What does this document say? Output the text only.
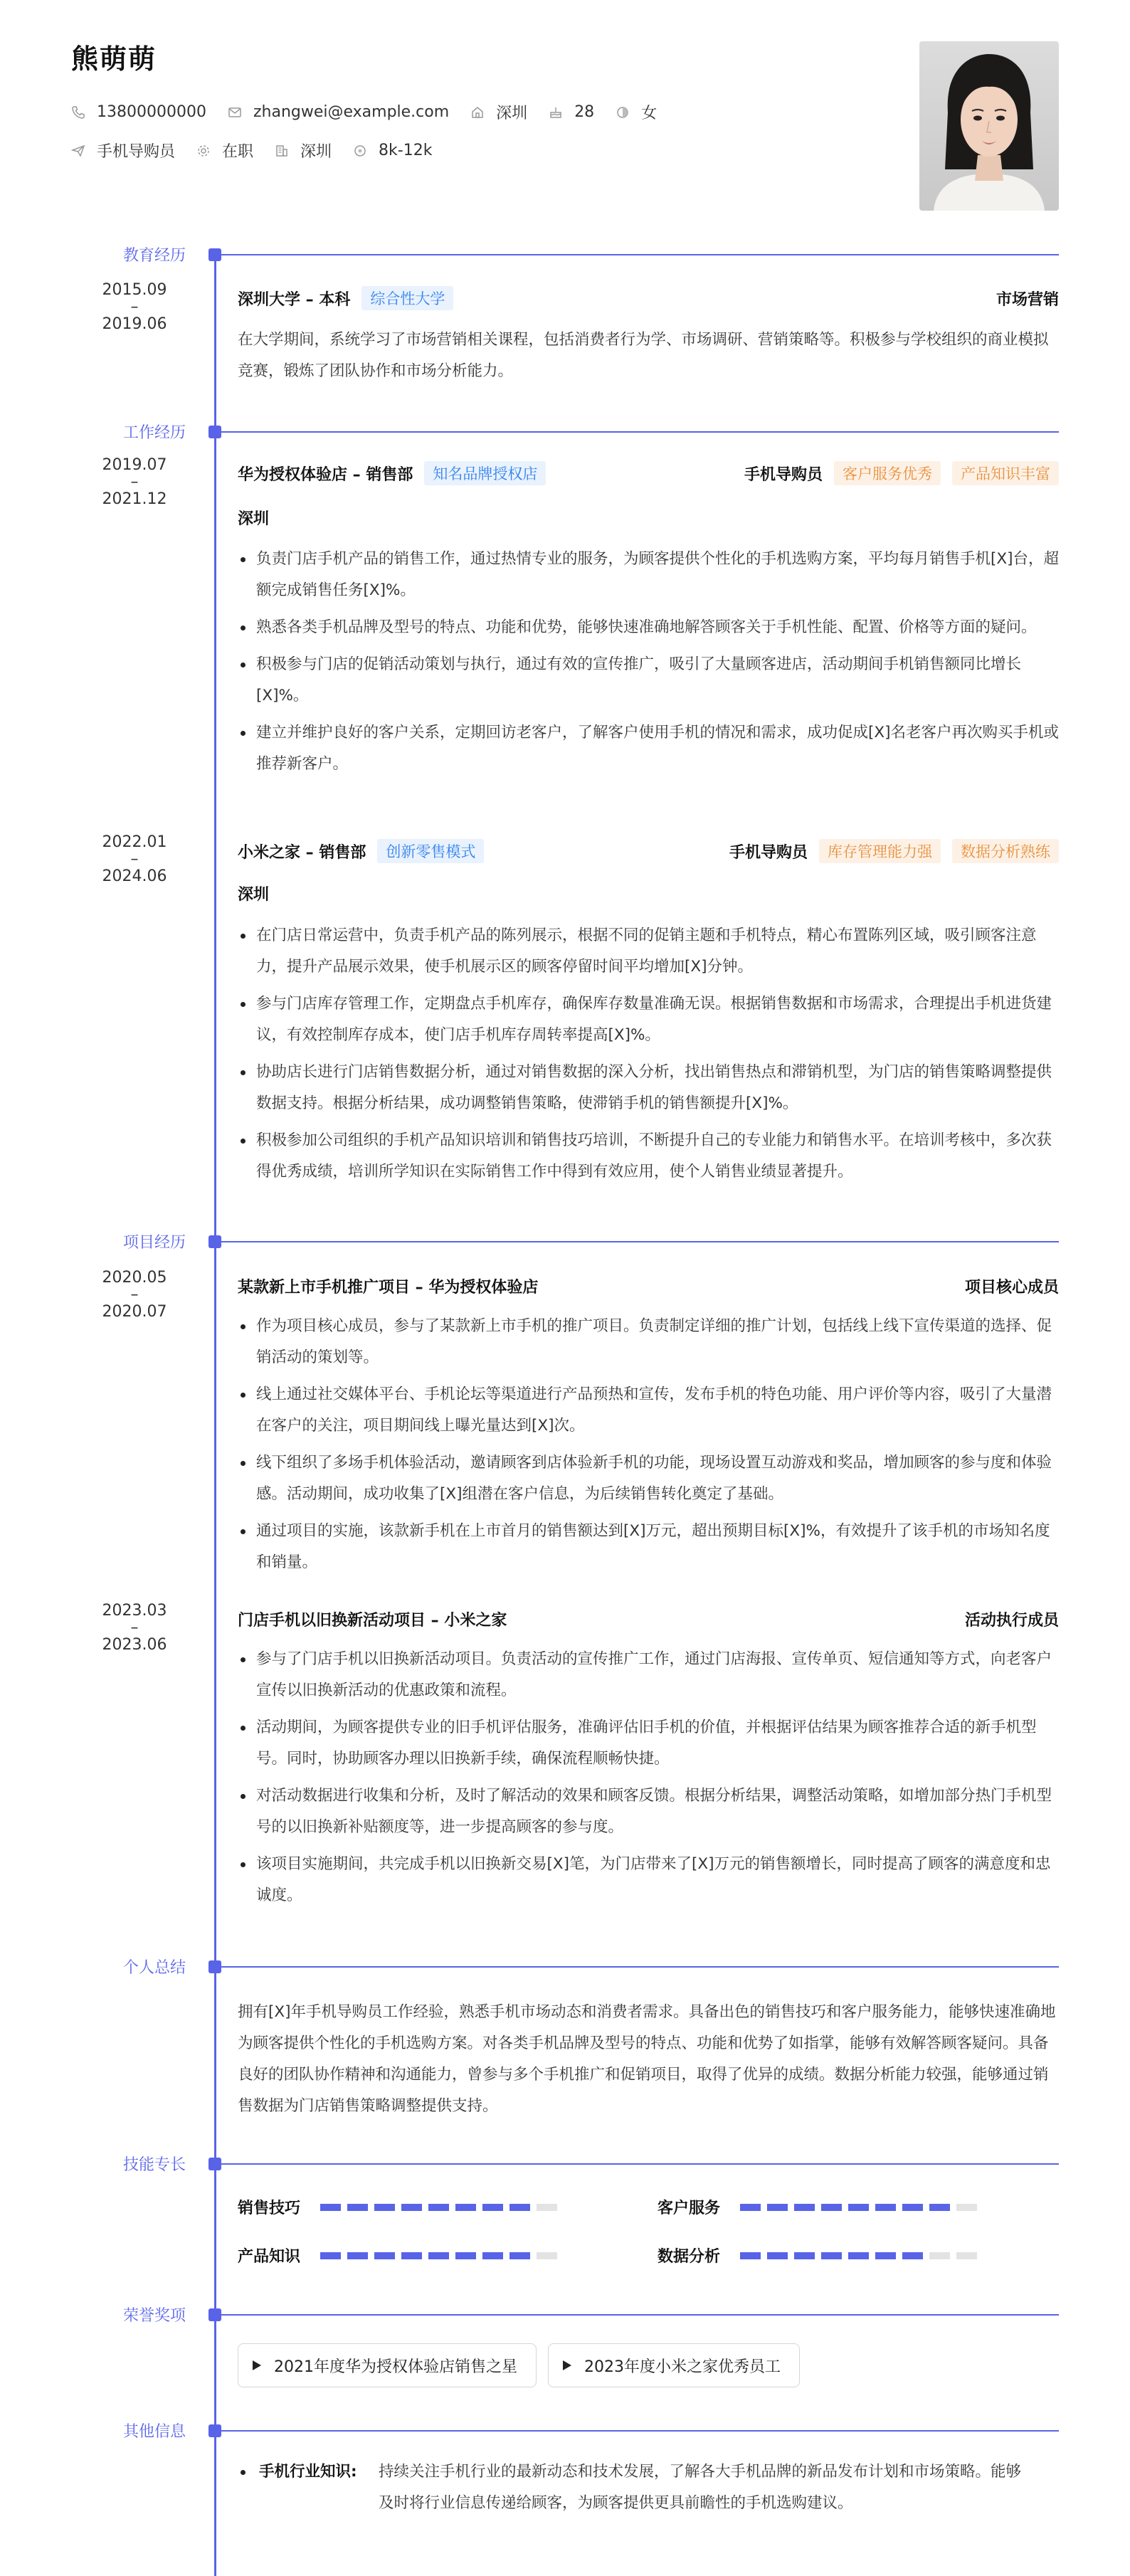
熊萌萌
13800000000	zhangwei@example.com	深圳	28	女
手机导购员	在职	深圳	8k-12k
教育经历
2015.09
–
2019.06
深圳大学 – 本科	综合性大学	市场营销
在大学期间，系统学习了市场营销相关课程，包括消费者行为学、市场调研、营销策略等。积极参与学校组织的商业模拟竞赛，锻炼了团队协作和市场分析能力。
工作经历
2019.07
–
2021.12
华为授权体验店 – 销售部	知名品牌授权店	手机导购员	客户服务优秀	产品知识丰富
深圳
负责门店手机产品的销售工作，通过热情专业的服务，为顾客提供个性化的手机选购方案，平均每月销售手机[X]台，超额完成销售任务[X]%。
熟悉各类手机品牌及型号的特点、功能和优势，能够快速准确地解答顾客关于手机性能、配置、价格等方面的疑问。
积极参与门店的促销活动策划与执行，通过有效的宣传推广，吸引了大量顾客进店，活动期间手机销售额同比增长[X]%。
建立并维护良好的客户关系，定期回访老客户，了解客户使用手机的情况和需求，成功促成[X]名老客户再次购买手机或推荐新客户。
2022.01
–
2024.06
小米之家 – 销售部	创新零售模式	手机导购员	库存管理能力强	数据分析熟练
深圳
在门店日常运营中，负责手机产品的陈列展示，根据不同的促销主题和手机特点，精心布置陈列区域，吸引顾客注意力，提升产品展示效果，使手机展示区的顾客停留时间平均增加[X]分钟。
参与门店库存管理工作，定期盘点手机库存，确保库存数量准确无误。根据销售数据和市场需求，合理提出手机进货建议，有效控制库存成本，使门店手机库存周转率提高[X]%。
协助店长进行门店销售数据分析，通过对销售数据的深入分析，找出销售热点和滞销机型，为门店的销售策略调整提供数据支持。根据分析结果，成功调整销售策略，使滞销手机的销售额提升[X]%。
积极参加公司组织的手机产品知识培训和销售技巧培训，不断提升自己的专业能力和销售水平。在培训考核中，多次获得优秀成绩，培训所学知识在实际销售工作中得到有效应用，使个人销售业绩显著提升。
项目经历
2020.05
–
2020.07
某款新上市手机推广项目 – 华为授权体验店	项目核心成员
作为项目核心成员，参与了某款新上市手机的推广项目。负责制定详细的推广计划，包括线上线下宣传渠道的选择、促销活动的策划等。
线上通过社交媒体平台、手机论坛等渠道进行产品预热和宣传，发布手机的特色功能、用户评价等内容，吸引了大量潜在客户的关注，项目期间线上曝光量达到[X]次。
线下组织了多场手机体验活动，邀请顾客到店体验新手机的功能，现场设置互动游戏和奖品，增加顾客的参与度和体验感。活动期间，成功收集了[X]组潜在客户信息，为后续销售转化奠定了基础。
通过项目的实施，该款新手机在上市首月的销售额达到[X]万元，超出预期目标[X]%，有效提升了该手机的市场知名度和销量。
2023.03
–
2023.06
门店手机以旧换新活动项目 – 小米之家	活动执行成员
参与了门店手机以旧换新活动项目。负责活动的宣传推广工作，通过门店海报、宣传单页、短信通知等方式，向老客户宣传以旧换新活动的优惠政策和流程。
活动期间，为顾客提供专业的旧手机评估服务，准确评估旧手机的价值，并根据评估结果为顾客推荐合适的新手机型号。同时，协助顾客办理以旧换新手续，确保流程顺畅快捷。
对活动数据进行收集和分析，及时了解活动的效果和顾客反馈。根据分析结果，调整活动策略，如增加部分热门手机型号的以旧换新补贴额度等，进一步提高顾客的参与度。
该项目实施期间，共完成手机以旧换新交易[X]笔，为门店带来了[X]万元的销售额增长，同时提高了顾客的满意度和忠诚度。
个人总结
拥有[X]年手机导购员工作经验，熟悉手机市场动态和消费者需求。具备出色的销售技巧和客户服务能力，能够快速准确地为顾客提供个性化的手机选购方案。对各类手机品牌及型号的特点、功能和优势了如指掌，能够有效解答顾客疑问。具备良好的团队协作精神和沟通能力，曾参与多个手机推广和促销项目，取得了优异的成绩。数据分析能力较强，能够通过销售数据为门店销售策略调整提供支持。
技能专长
销售技巧	客户服务
产品知识	数据分析
荣誉奖项
2021年度华为授权体验店销售之星	2023年度小米之家优秀员工
其他信息
手机行业知识: 持续关注手机行业的最新动态和技术发展，了解各大手机品牌的新品发布计划和市场策略。能够及时将行业信息传递给顾客，为顾客提供更具前瞻性的手机选购建议。
